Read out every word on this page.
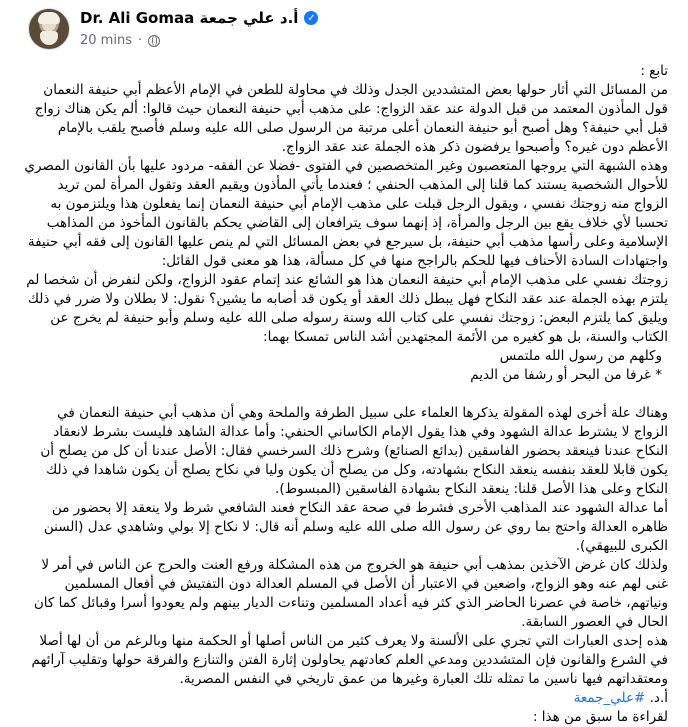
Dr. Ali Gomaa أ.د علي جمعة ✓
20 mins ·

تابع :

من المسائل التي أثار حولها بعض المتشددين الجدل وذلك في محاولة للطعن في الإمام الأعظم أبي حنيفة النعمان قول المأذون المعتمد من قبل الدولة عند عقد الزواج: على مذهب أبي حنيفة النعمان حيث قالوا: ألم يكن هناك زواج قبل أبي حنيفة؟ وهل أصبح أبو حنيفة النعمان أعلى مرتبة من الرسول صلى الله عليه وسلم فأصبح يلقب بالإمام الأعظم دون غيره؟ وأصبحوا يرفضون ذكر هذه الجملة عند عقد الزواج.

وهذه الشبهة التي يروجها المتعصبون وغير المتخصصين في الفتوى -فضلا عن الفقه- مردود عليها بأن القانون المصري للأحوال الشخصية يستند كما قلنا إلى المذهب الحنفي ؛ فعندما يأتي المأذون ويقيم العقد وتقول المرأة لمن تريد الزواج منه زوجتك نفسي ، ويقول الرجل قبلت على مذهب الإمام أبي حنيفة النعمان إنما يفعلون هذا ويلتزمون به تحسبا لأي خلاف يقع بين الرجل والمرأة، إذ إنهما سوف يترافعان إلى القاضي يحكم بالقانون المأخوذ من المذاهب الإسلامية وعلى رأسها مذهب أبي حنيفة، بل سيرجع في بعض المسائل التي لم ينص عليها القانون إلى فقه أبي حنيفة واجتهادات السادة الأحناف فيها للحكم بالراجح منها في كل مسألة، هذا هو معنى قول القائل:

زوجتك نفسي على مذهب الإمام أبي حنيفة النعمان هذا هو الشائع عند إتمام عقود الزواج، ولكن لنفرض أن شخصا لم يلتزم بهذه الجملة عند عقد النكاح فهل يبطل ذلك العقد أو يكون قد أصابه ما يشين؟ نقول: لا بطلان ولا ضرر في ذلك ويليق كما يلتزم البعض: زوجتك نفسي على كتاب الله وسنة رسوله صلى الله عليه وسلم وأبو حنيفة لم يخرج عن الكتاب والسنة، بل هو كغيره من الأئمة المجتهدين أشد الناس تمسكا بهما:

وكلهم من رسول الله ملتمس

* غرفا من البحر أو رشفا من الديم

وهناك علة أخرى لهذه المقولة يذكرها العلماء على سبيل الطرفة والملحة وهي أن مذهب أبي حنيفة النعمان في الزواج لا يشترط عدالة الشهود وفي هذا يقول الإمام الكاساني الحنفي: وأما عدالة الشاهد فليست بشرط لانعقاد النكاح عندنا فينعقد بحضور الفاسقين (بدائع الصنائع) وشرح ذلك السرخسي فقال: الأصل عندنا أن كل من يصلح أن يكون قابلا للعقد بنفسه ينعقد النكاح بشهادته، وكل من يصلح أن يكون وليا في نكاح يصلح أن يكون شاهدا في ذلك النكاح وعلى هذا الأصل قلنا: ينعقد النكاح بشهادة الفاسقين (المبسوط).

أما عدالة الشهود عند المذاهب الأخرى فشرط في صحة عقد النكاح فعند الشافعي شرط ولا ينعقد إلا بحضور من ظاهره العدالة واحتج بما روي عن رسول الله صلى الله عليه وسلم أنه قال: لا نكاح إلا بولي وشاهدي عدل (السنن الكبرى للبيهقي).

ولذلك كان غرض الآخذين بمذهب أبي حنيفة هو الخروج من هذه المشكلة ورفع العنت والحرج عن الناس في أمر لا غنى لهم عنه وهو الزواج، واضعين في الاعتبار أن الأصل في المسلم العدالة دون التفتيش في أفعال المسلمين ونياتهم، خاصة في عصرنا الحاضر الذي كثر فيه أعداد المسلمين وتناءت الديار بينهم ولم يعودوا أسرا وقبائل كما كان الحال في العصور السابقة.

هذه إحدى العبارات التي تجري على الألسنة ولا يعرف كثير من الناس أصلها أو الحكمة منها وبالرغم من أن لها أصلا في الشرع والقانون فإن المتشددين ومدعي العلم كعادتهم يحاولون إثارة الفتن والتنازع والفرقة حولها وتقليب آرائهم ومعتقداتهم فيها ناسين ما تمثله تلك العبارة وغيرها من عمق تاريخي في النفس المصرية.

أ.د. #علي_جمعة

لقراءة ما سبق من هذا :
